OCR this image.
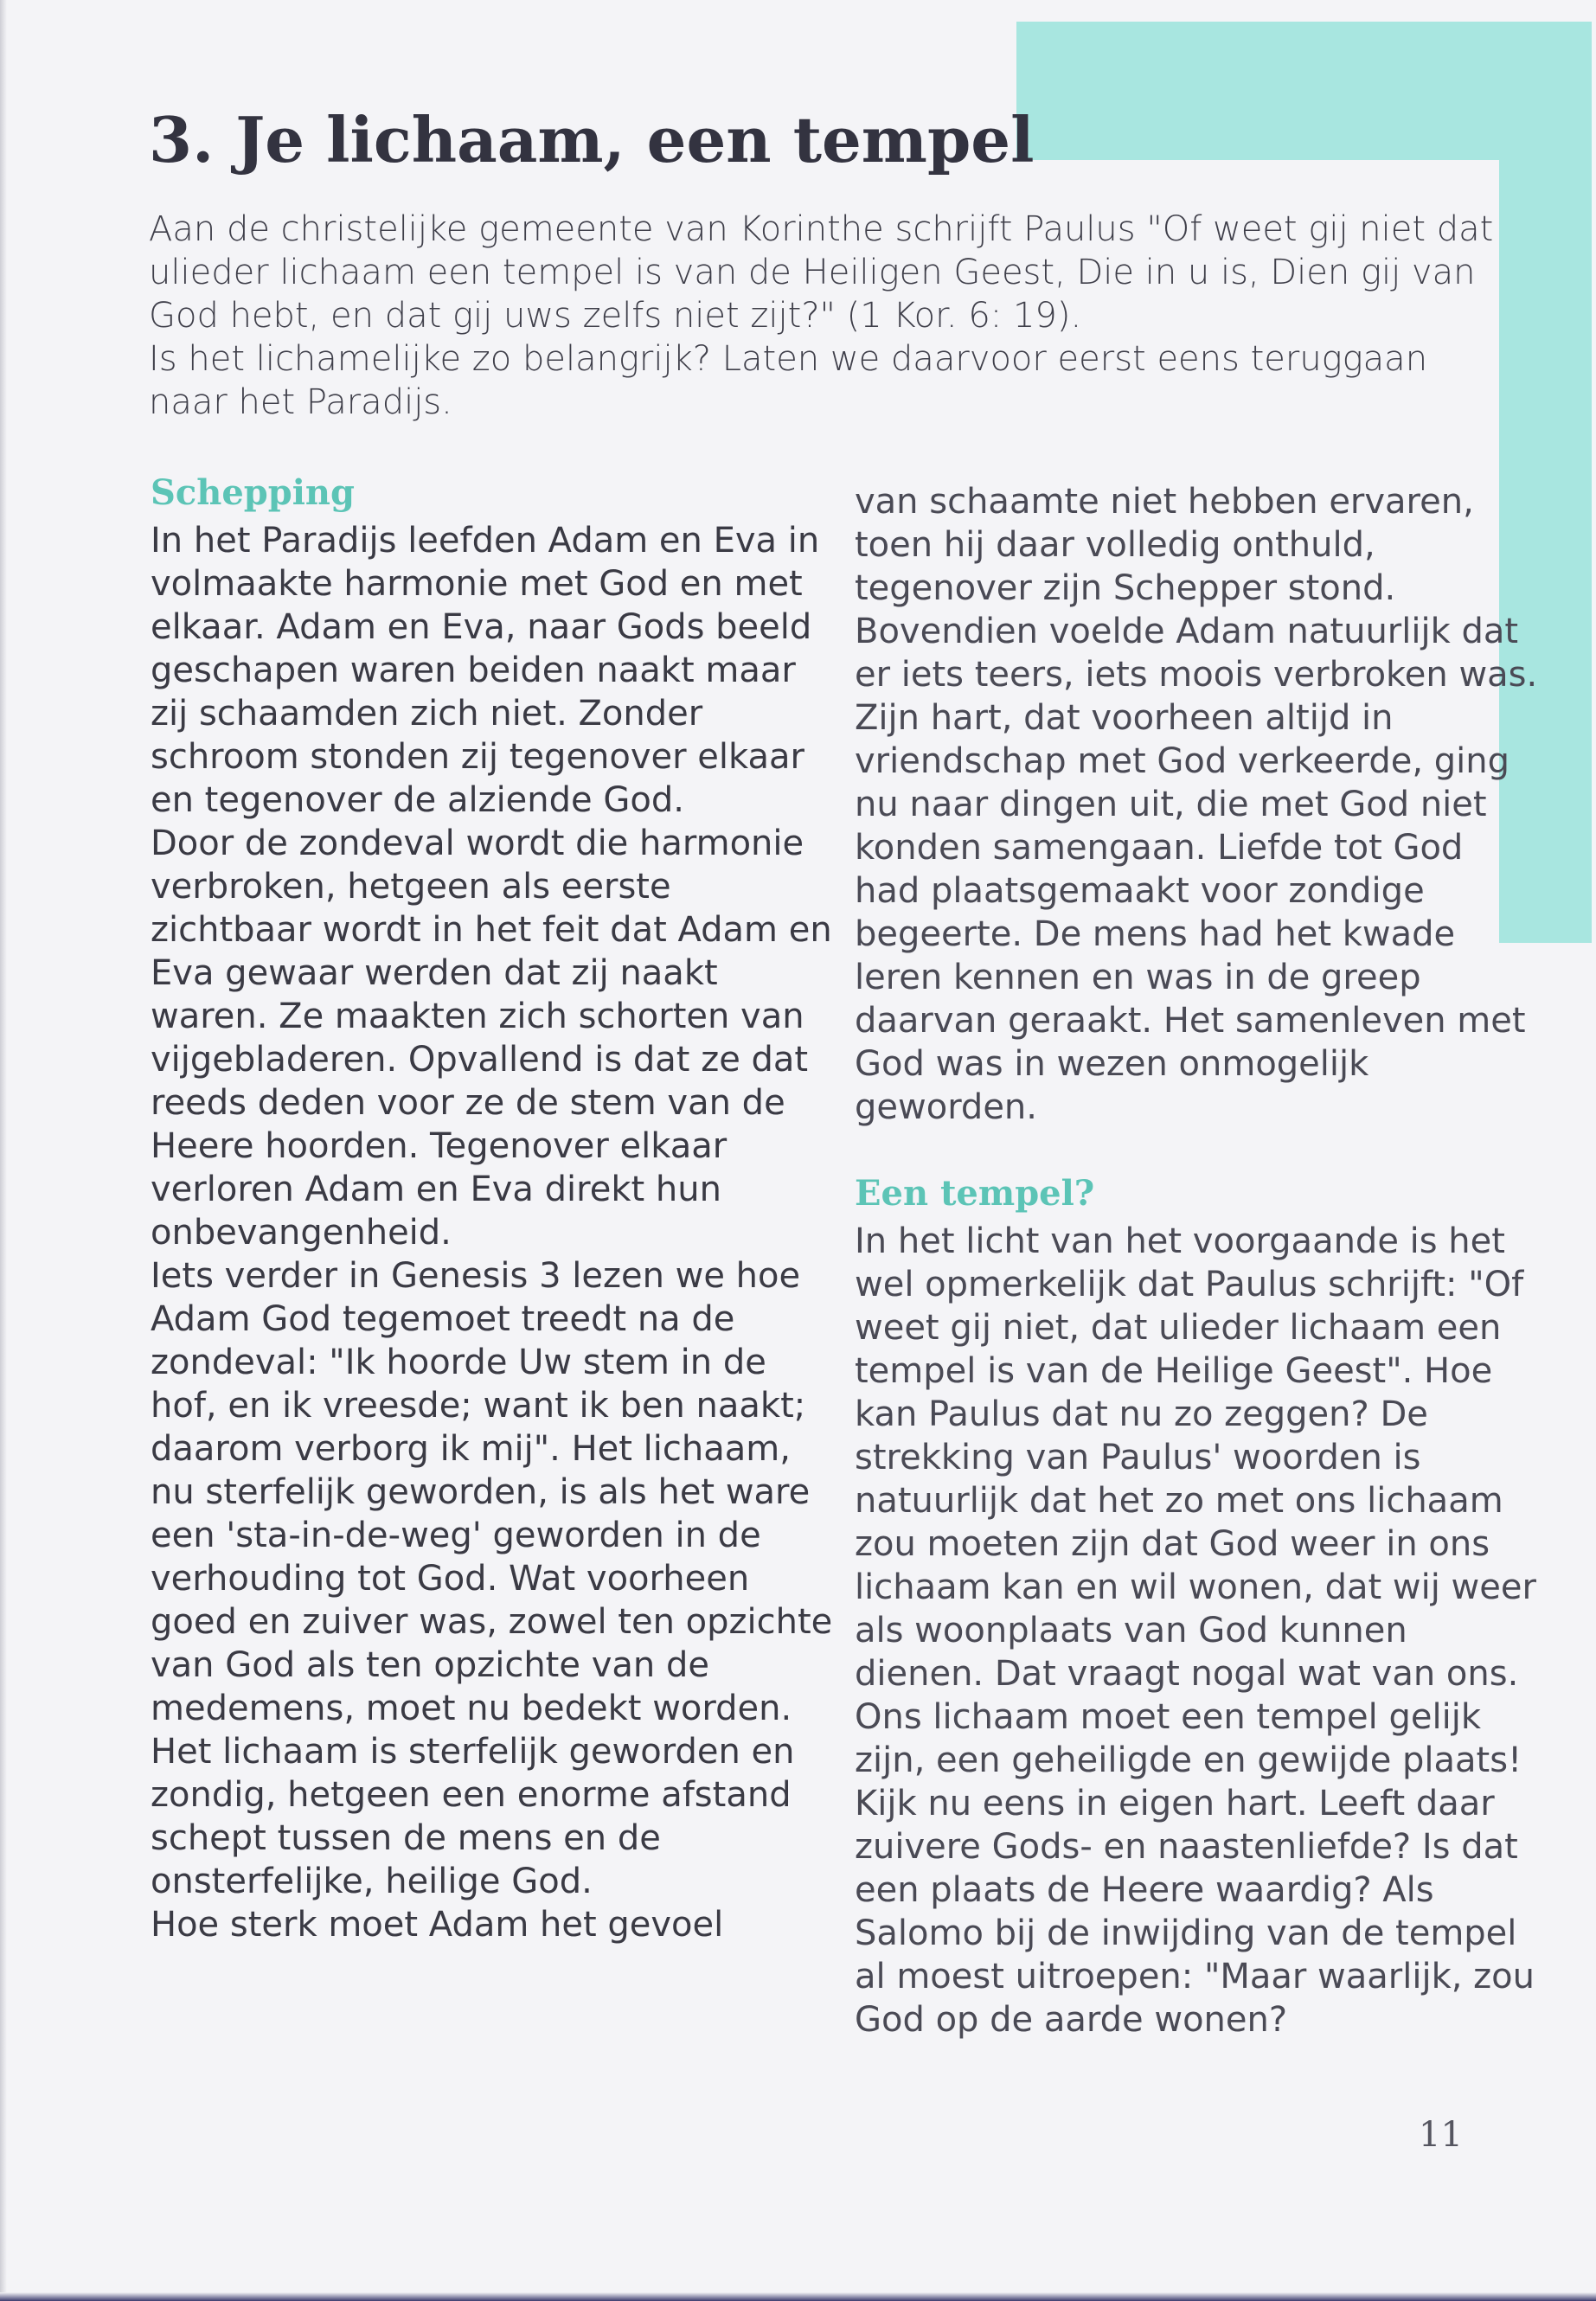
3. Je lichaam, een tempel

Aan de christelijke gemeente van Korinthe schrijft Paulus "Of weet gij niet dat ulieder lichaam een tempel is van de Heiligen Geest, Die in u is, Dien gij van God hebt, en dat gij uws zelfs niet zijt?" (1 Kor. 6: 19).

Is het lichamelijke zo belangrijk? Laten we daarvoor eerst eens teruggaan naar het Paradijs.

Schepping

In het Paradijs leefden Adam en Eva in volmaakte harmonie met God en met elkaar. Adam en Eva, naar Gods beeld geschapen waren beiden naakt maar zij schaamden zich niet. Zonder schroom stonden zij tegenover elkaar en tegenover de alziende God.

Door de zondeval wordt die harmonie verbroken, hetgeen als eerste zichtbaar wordt in het feit dat Adam en Eva gewaar werden dat zij naakt waren. Ze maakten zich schorten van vijgebladeren. Opvallend is dat ze dat reeds deden voor ze de stem van de Heere hoorden. Tegenover elkaar verloren Adam en Eva direkt hun onbevangenheid.

Iets verder in Genesis 3 lezen we hoe Adam God tegemoet treedt na de zondeval: "Ik hoorde Uw stem in de hof, en ik vreesde; want ik ben naakt; daarom verborg ik mij". Het lichaam, nu sterfelijk geworden, is als het ware een 'sta-in-de-weg' geworden in de verhouding tot God. Wat voorheen goed en zuiver was, zowel ten opzichte van God als ten opzichte van de medemens, moet nu bedekt worden. Het lichaam is sterfelijk geworden en zondig, hetgeen een enorme afstand schept tussen de mens en de onsterfelijke, heilige God.

Hoe sterk moet Adam het gevoel

van schaamte niet hebben ervaren, toen hij daar volledig onthuld, tegenover zijn Schepper stond. Bovendien voelde Adam natuurlijk dat er iets teers, iets moois verbroken was. Zijn hart, dat voorheen altijd in vriendschap met God verkeerde, ging nu naar dingen uit, die met God niet konden samengaan. Liefde tot God had plaatsgemaakt voor zondige begeerte. De mens had het kwade leren kennen en was in de greep daarvan geraakt. Het samenleven met God was in wezen onmogelijk geworden.

Een tempel?

In het licht van het voorgaande is het wel opmerkelijk dat Paulus schrijft: "Of weet gij niet, dat ulieder lichaam een tempel is van de Heilige Geest". Hoe kan Paulus dat nu zo zeggen? De strekking van Paulus' woorden is natuurlijk dat het zo met ons lichaam zou moeten zijn dat God weer in ons lichaam kan en wil wonen, dat wij weer als woonplaats van God kunnen dienen. Dat vraagt nogal wat van ons. Ons lichaam moet een tempel gelijk zijn, een geheiligde en gewijde plaats! Kijk nu eens in eigen hart. Leeft daar zuivere Gods- en naastenliefde? Is dat een plaats de Heere waardig? Als Salomo bij de inwijding van de tempel al moest uitroepen: "Maar waarlijk, zou God op de aarde wonen?

11
